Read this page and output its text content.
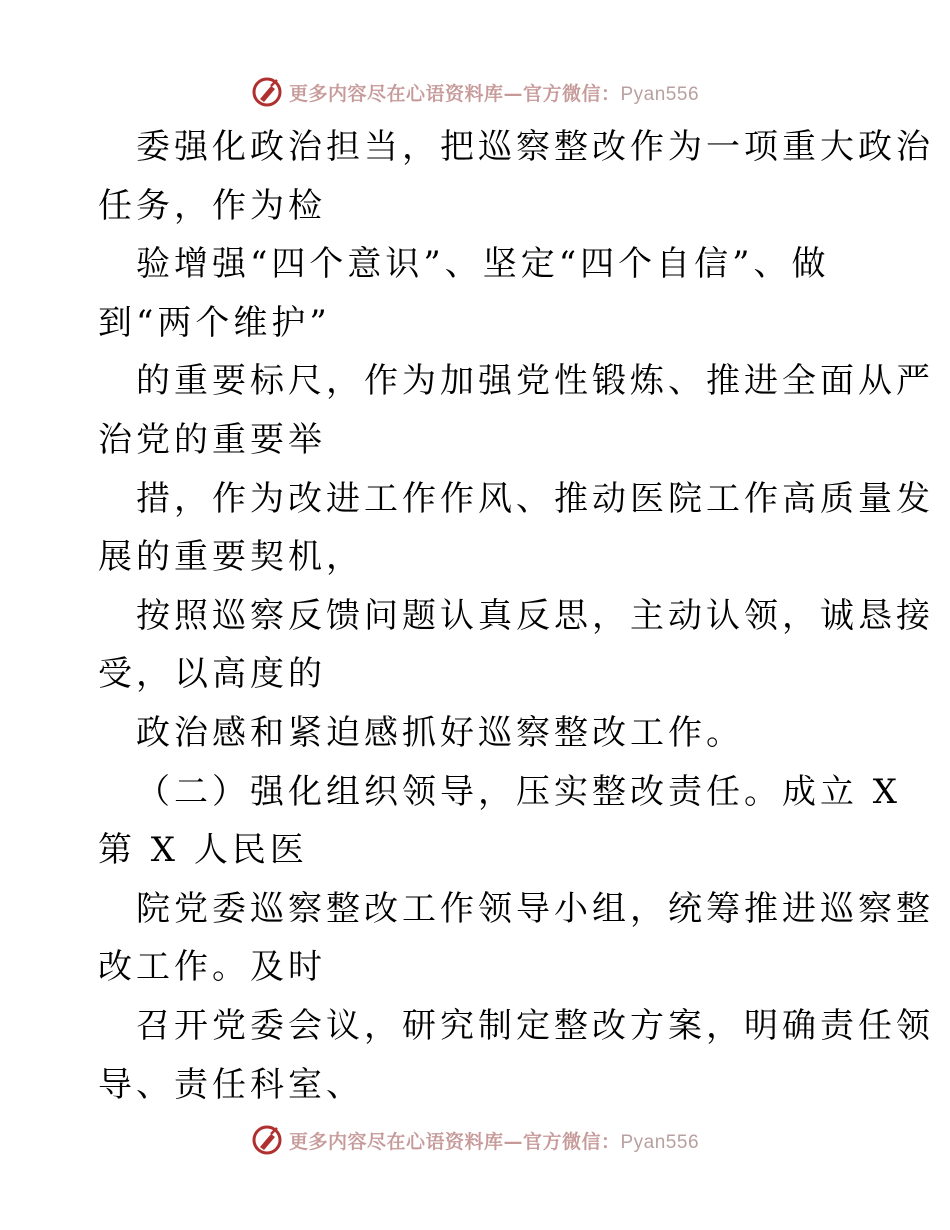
更多内容尽在心语资料库—官方微信：Pyan556
委强化政治担当，把巡察整改作为一项重大政治
任务，作为检
验增强“四个意识”、坚定“四个自信”、做
到“两个维护”
的重要标尺，作为加强党性锻炼、推进全面从严
治党的重要举
措，作为改进工作作风、推动医院工作高质量发
展的重要契机，
按照巡察反馈问题认真反思，主动认领，诚恳接
受，以高度的
政治感和紧迫感抓好巡察整改工作。
（二）强化组织领导，压实整改责任。成立 X
第 X 人民医
院党委巡察整改工作领导小组，统筹推进巡察整
改工作。及时
召开党委会议，研究制定整改方案，明确责任领
导、责任科室、
更多内容尽在心语资料库—官方微信：Pyan556
